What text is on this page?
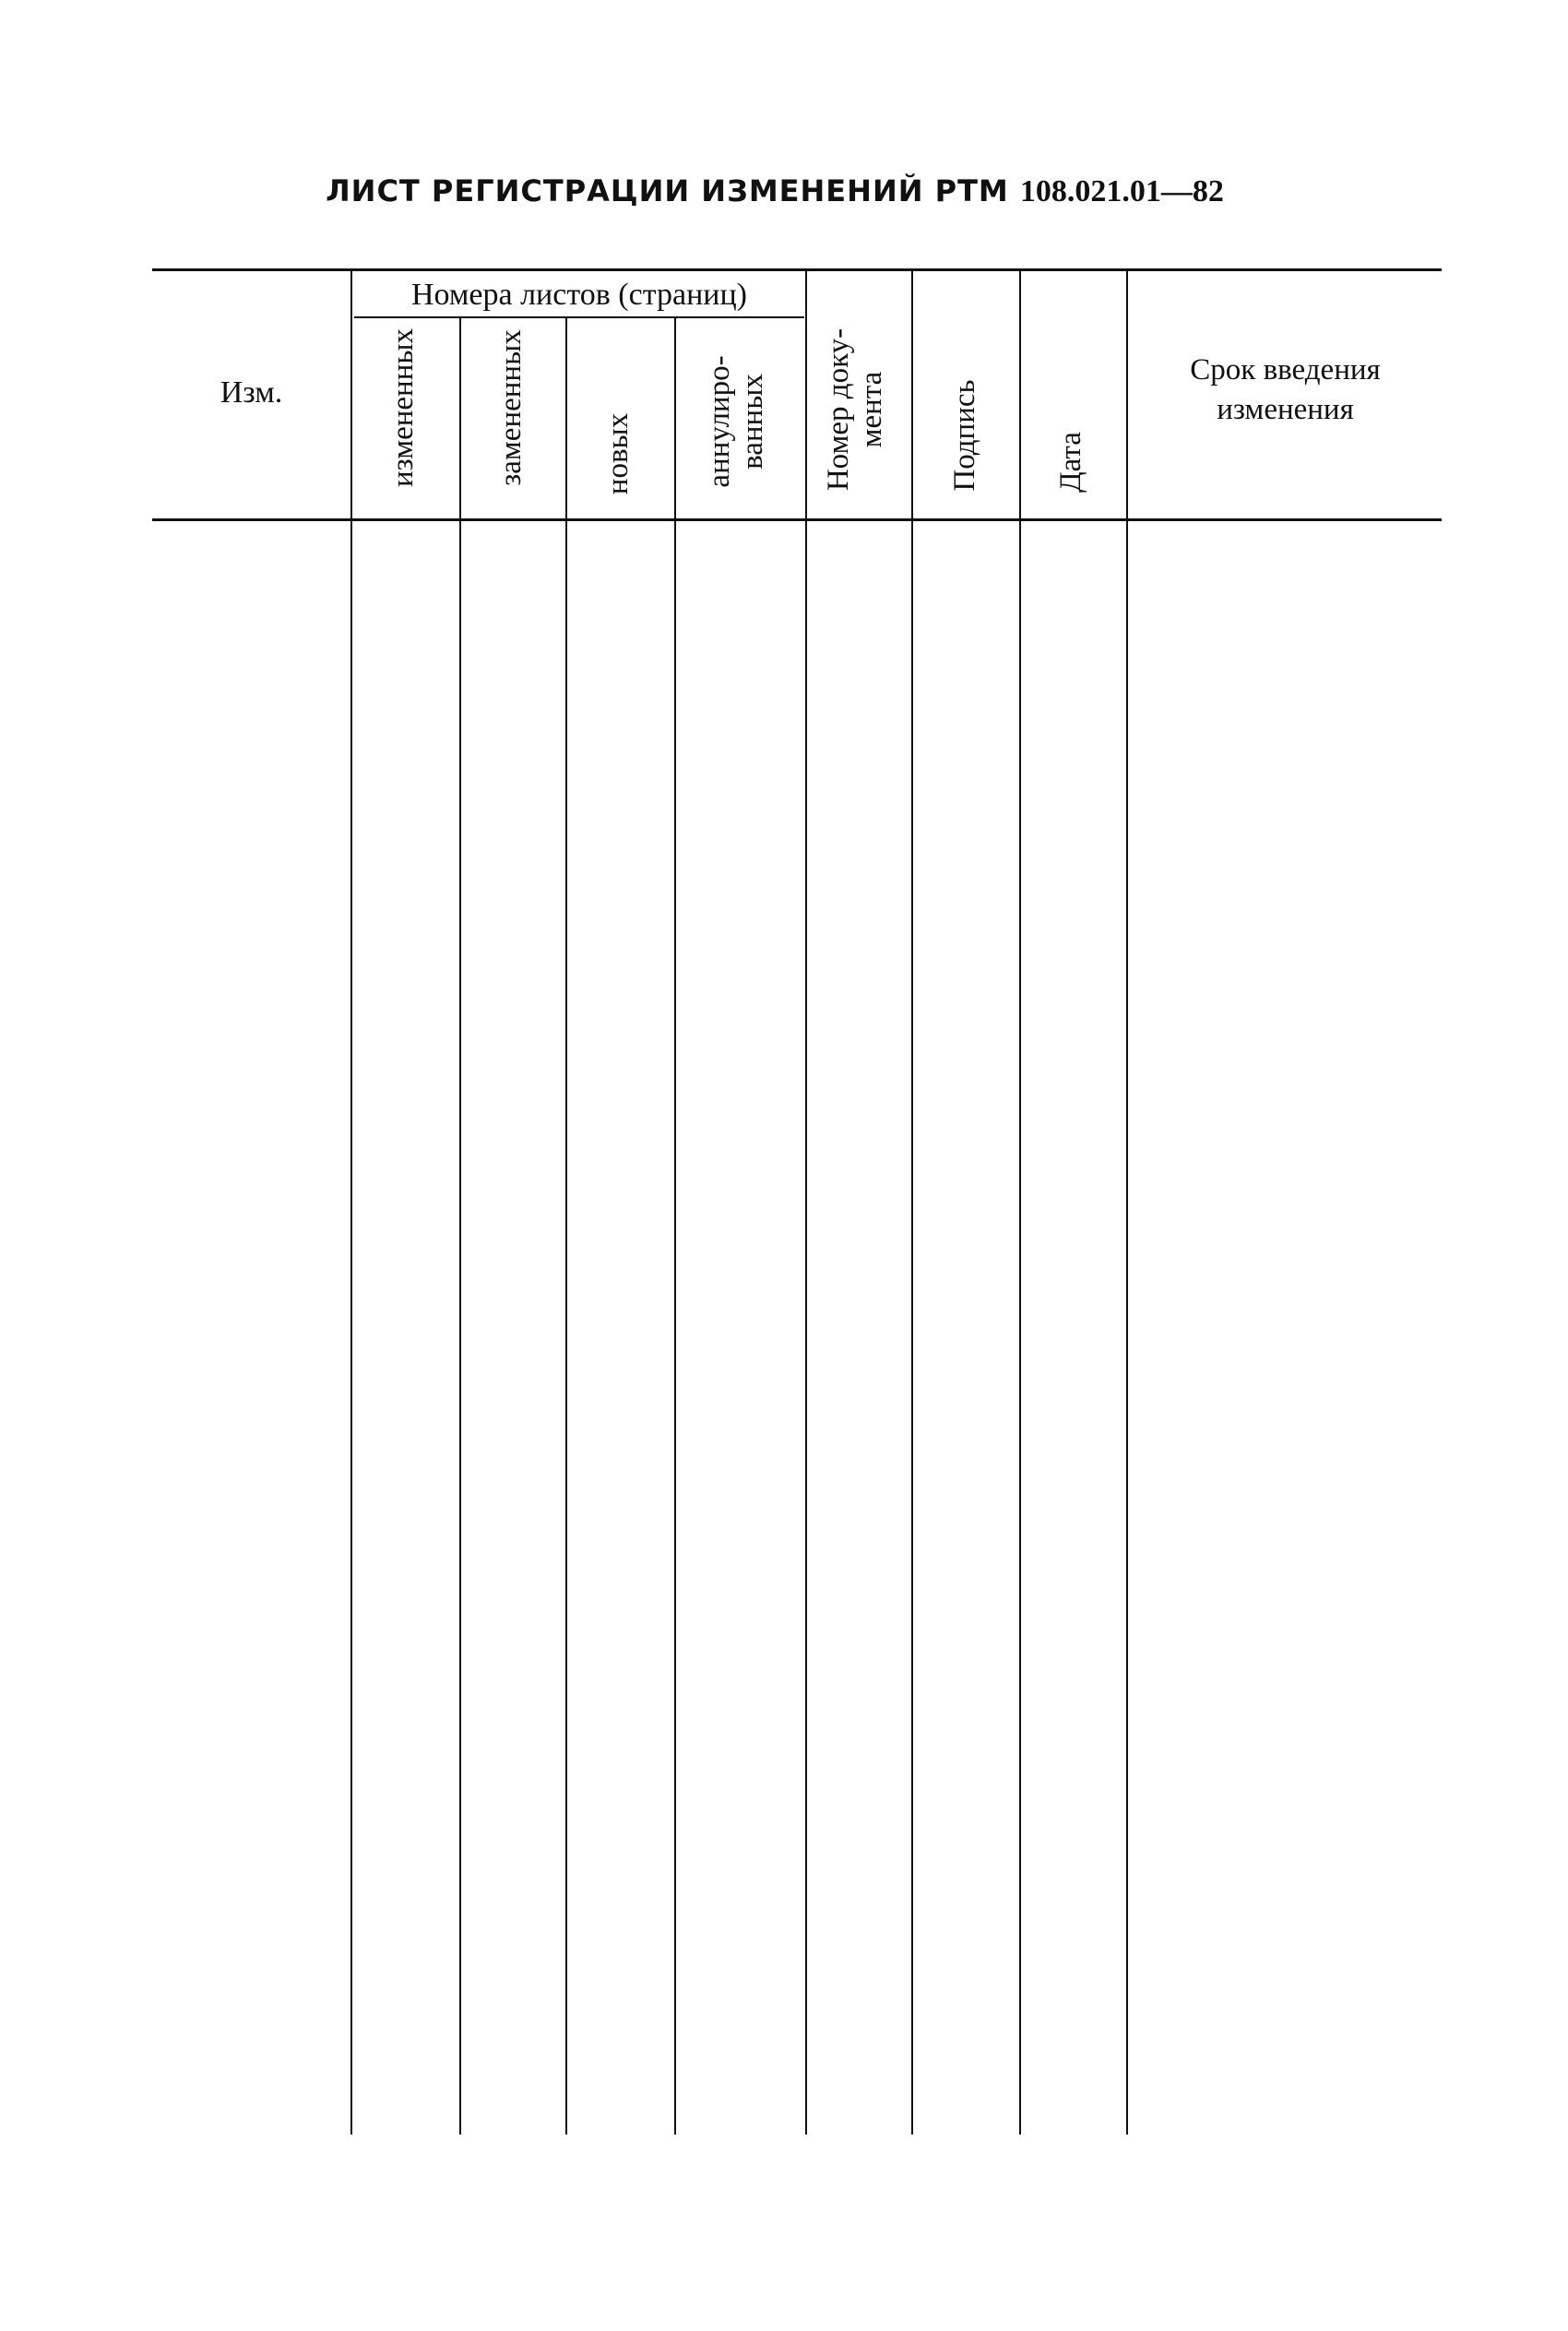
ЛИСТ РЕГИСТРАЦИИ ИЗМЕНЕНИЙ РТМ 108.021.01—82
Изм.
Номера листов (страниц)
измененных замененных новых аннулиро-
ванных Номер доку-
мента Подпись Дата
Срок введения
изменения
